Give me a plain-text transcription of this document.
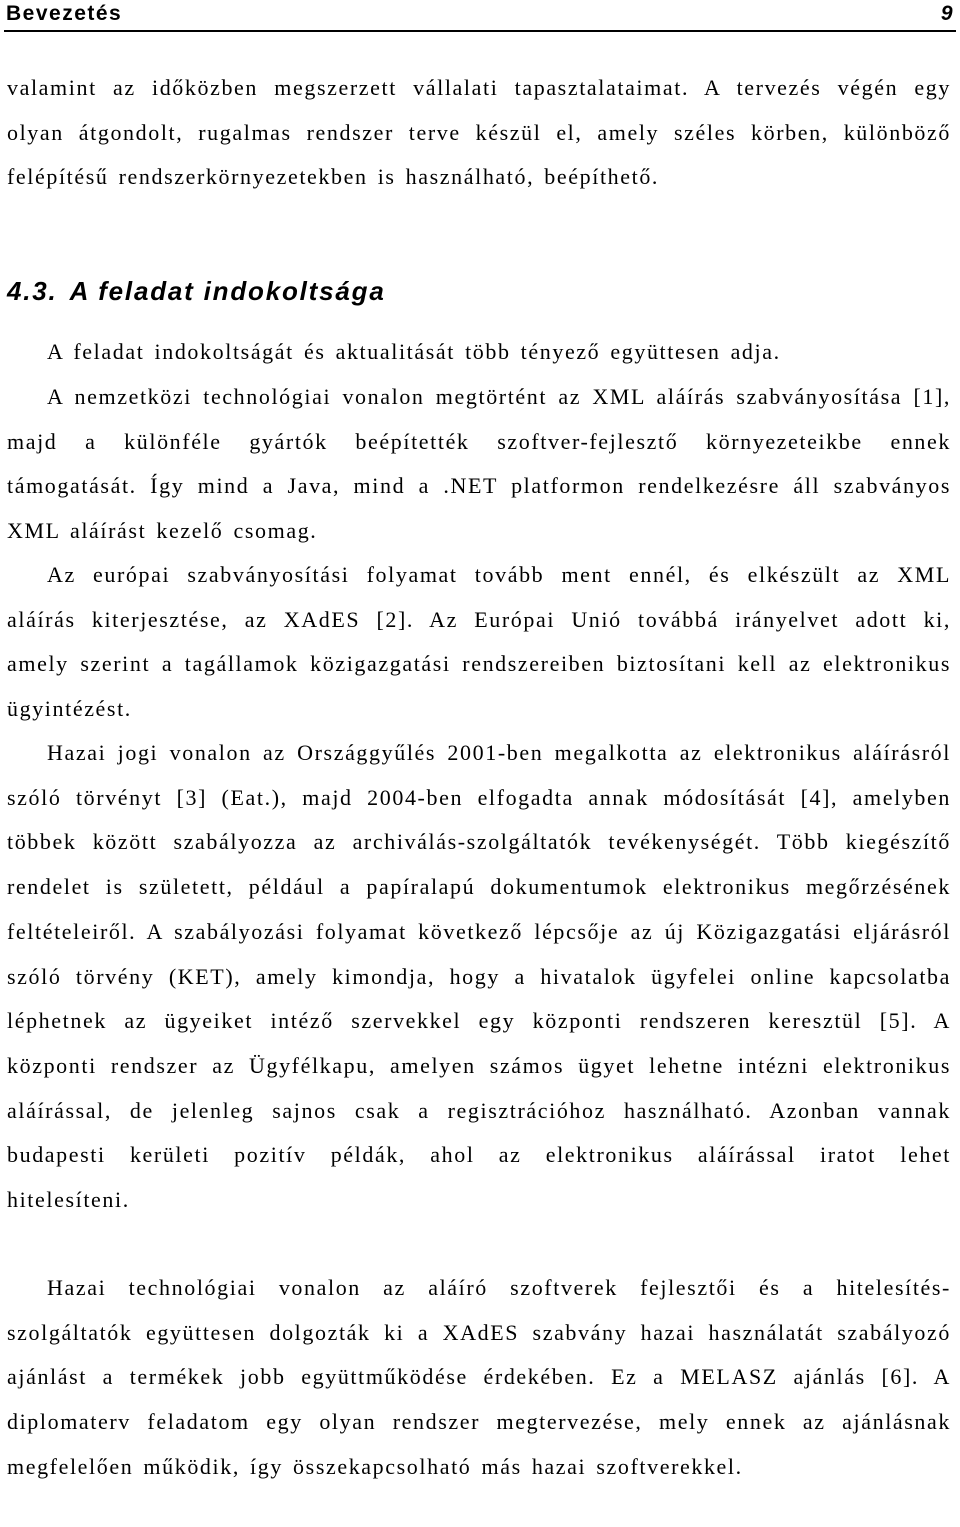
Bevezetés	9

valamint az időközben megszerzett vállalati tapasztalataimat. A tervezés végén egy olyan átgondolt, rugalmas rendszer terve készül el, amely széles körben, különböző felépítésű rendszerkörnyezetekben is használható, beépíthető.

4.3. A feladat indokoltsága

A feladat indokoltságát és aktualitását több tényező együttesen adja.

A nemzetközi technológiai vonalon megtörtént az XML aláírás szabványosítása [1], majd a különféle gyártók beépítették szoftver-fejlesztő környezeteikbe ennek támogatását. Így mind a Java, mind a .NET platformon rendelkezésre áll szabványos XML aláírást kezelő csomag.

Az európai szabványosítási folyamat tovább ment ennél, és elkészült az XML aláírás kiterjesztése, az XAdES [2]. Az Európai Unió továbbá irányelvet adott ki, amely szerint a tagállamok közigazgatási rendszereiben biztosítani kell az elektronikus ügyintézést.

Hazai jogi vonalon az Országgyűlés 2001-ben megalkotta az elektronikus aláírásról szóló törvényt [3] (Eat.), majd 2004-ben elfogadta annak módosítását [4], amelyben többek között szabályozza az archiválás-szolgáltatók tevékenységét. Több kiegészítő rendelet is született, például a papíralapú dokumentumok elektronikus megőrzésének feltételeiről. A szabályozási folyamat következő lépcsője az új Közigazgatási eljárásról szóló törvény (KET), amely kimondja, hogy a hivatalok ügyfelei online kapcsolatba léphetnek az ügyeiket intéző szervekkel egy központi rendszeren keresztül [5]. A központi rendszer az Ügyfélkapu, amelyen számos ügyet lehetne intézni elektronikus aláírással, de jelenleg sajnos csak a regisztrációhoz használható. Azonban vannak budapesti kerületi pozitív példák, ahol az elektronikus aláírással iratot lehet hitelesíteni.

Hazai technológiai vonalon az aláíró szoftverek fejlesztői és a hitelesítés-szolgáltatók együttesen dolgozták ki a XAdES szabvány hazai használatát szabályozó ajánlást a termékek jobb együttműködése érdekében. Ez a MELASZ ajánlás [6]. A diplomaterv feladatom egy olyan rendszer megtervezése, mely ennek az ajánlásnak megfelelően működik, így összekapcsolható más hazai szoftverekkel.
